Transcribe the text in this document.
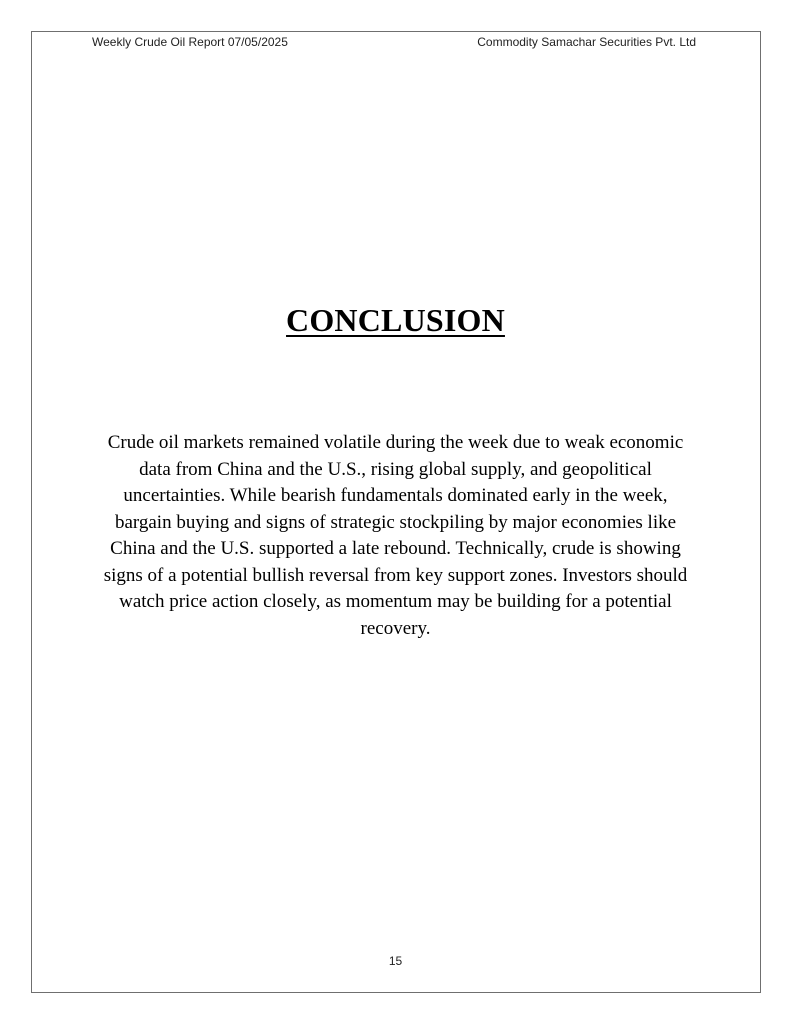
Weekly Crude Oil Report 07/05/2025	Commodity Samachar Securities Pvt. Ltd
CONCLUSION

Crude oil markets remained volatile during the week due to weak economic data from China and the U.S., rising global supply, and geopolitical uncertainties. While bearish fundamentals dominated early in the week, bargain buying and signs of strategic stockpiling by major economies like China and the U.S. supported a late rebound. Technically, crude is showing signs of a potential bullish reversal from key support zones. Investors should watch price action closely, as momentum may be building for a potential recovery.

15
